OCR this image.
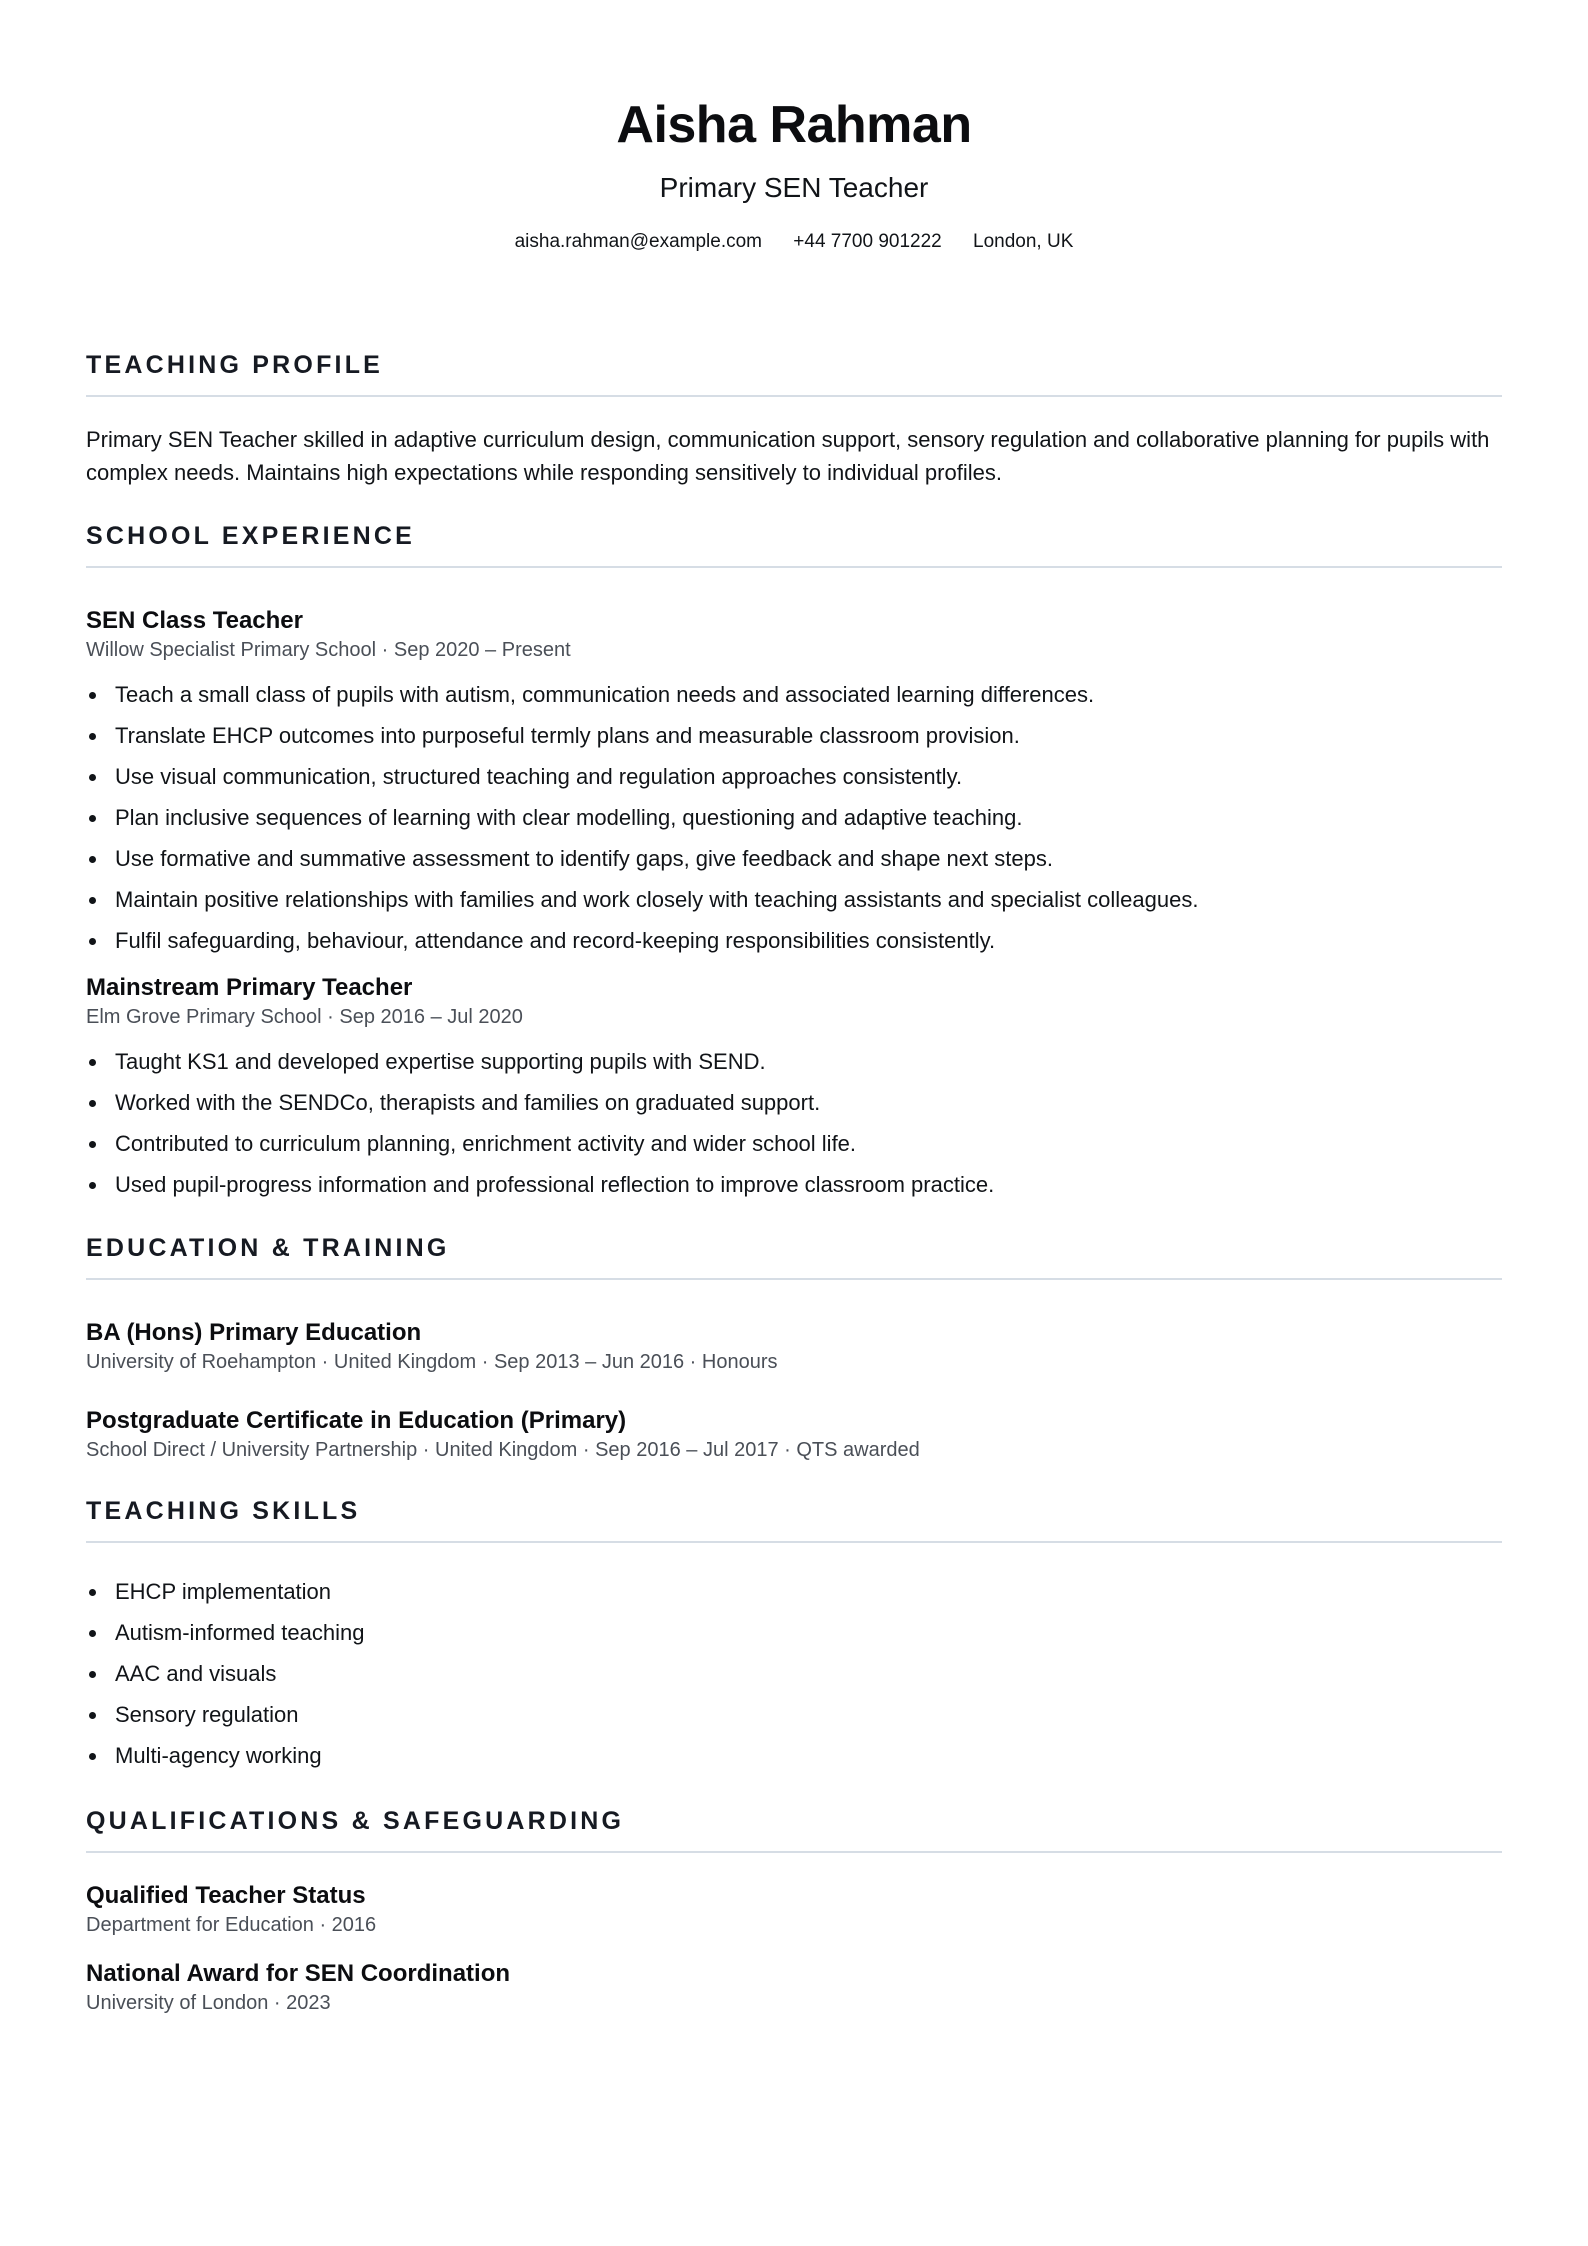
Aisha Rahman
Primary SEN Teacher
aisha.rahman@example.com +44 7700 901222 London, UK
TEACHING PROFILE
Primary SEN Teacher skilled in adaptive curriculum design, communication support, sensory regulation and collaborative planning for pupils with complex needs. Maintains high expectations while responding sensitively to individual profiles.
SCHOOL EXPERIENCE
SEN Class Teacher
Willow Specialist Primary School · Sep 2020 – Present
Teach a small class of pupils with autism, communication needs and associated learning differences.
Translate EHCP outcomes into purposeful termly plans and measurable classroom provision.
Use visual communication, structured teaching and regulation approaches consistently.
Plan inclusive sequences of learning with clear modelling, questioning and adaptive teaching.
Use formative and summative assessment to identify gaps, give feedback and shape next steps.
Maintain positive relationships with families and work closely with teaching assistants and specialist colleagues.
Fulfil safeguarding, behaviour, attendance and record-keeping responsibilities consistently.
Mainstream Primary Teacher
Elm Grove Primary School · Sep 2016 – Jul 2020
Taught KS1 and developed expertise supporting pupils with SEND.
Worked with the SENDCo, therapists and families on graduated support.
Contributed to curriculum planning, enrichment activity and wider school life.
Used pupil-progress information and professional reflection to improve classroom practice.
EDUCATION & TRAINING
BA (Hons) Primary Education
University of Roehampton · United Kingdom · Sep 2013 – Jun 2016 · Honours
Postgraduate Certificate in Education (Primary)
School Direct / University Partnership · United Kingdom · Sep 2016 – Jul 2017 · QTS awarded
TEACHING SKILLS
EHCP implementation
Autism-informed teaching
AAC and visuals
Sensory regulation
Multi-agency working
QUALIFICATIONS & SAFEGUARDING
Qualified Teacher Status
Department for Education · 2016
National Award for SEN Coordination
University of London · 2023
